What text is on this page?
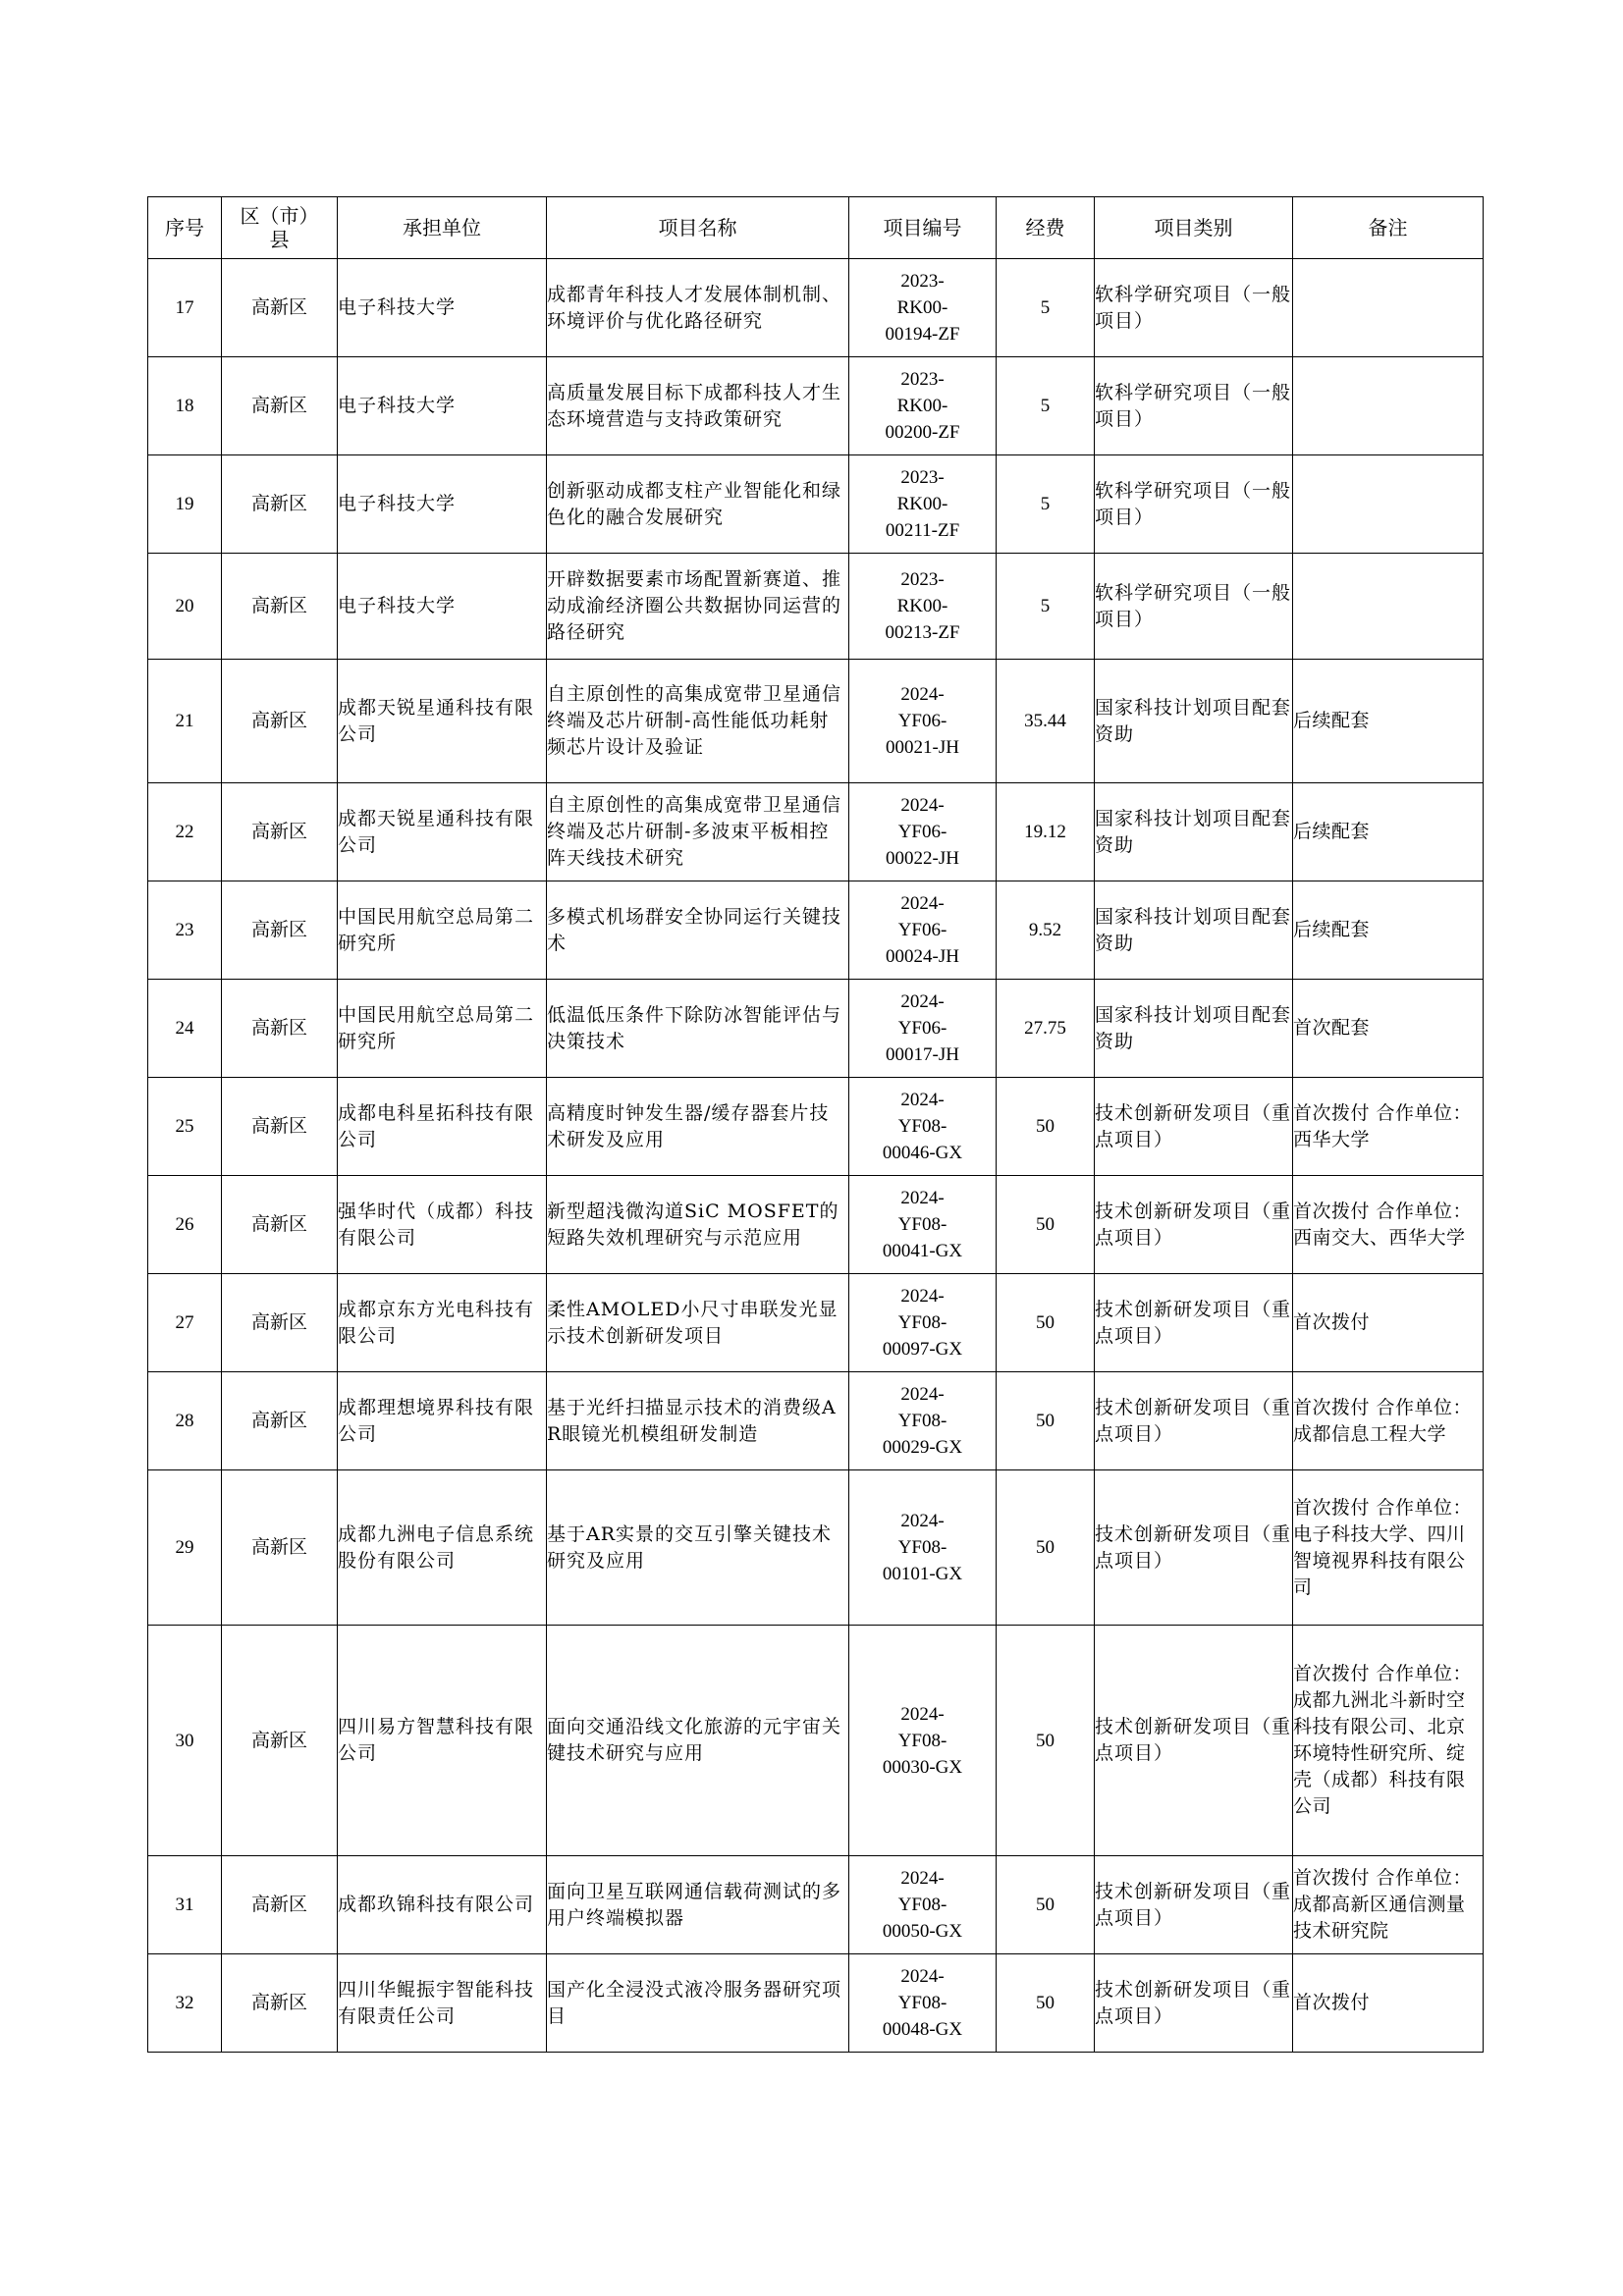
序号	区（市）县	承担单位	项目名称	项目编号	经费	项目类别	备注
17	高新区	电子科技大学	成都青年科技人才发展体制机制、环境评价与优化路径研究	2023-RK00-00194-ZF	5	软科学研究项目（一般项目）	
18	高新区	电子科技大学	高质量发展目标下成都科技人才生态环境营造与支持政策研究	2023-RK00-00200-ZF	5	软科学研究项目（一般项目）	
19	高新区	电子科技大学	创新驱动成都支柱产业智能化和绿色化的融合发展研究	2023-RK00-00211-ZF	5	软科学研究项目（一般项目）	
20	高新区	电子科技大学	开辟数据要素市场配置新赛道、推动成渝经济圈公共数据协同运营的路径研究	2023-RK00-00213-ZF	5	软科学研究项目（一般项目）	
21	高新区	成都天锐星通科技有限公司	自主原创性的高集成宽带卫星通信终端及芯片研制-高性能低功耗射频芯片设计及验证	2024-YF06-00021-JH	35.44	国家科技计划项目配套资助	后续配套
22	高新区	成都天锐星通科技有限公司	自主原创性的高集成宽带卫星通信终端及芯片研制-多波束平板相控阵天线技术研究	2024-YF06-00022-JH	19.12	国家科技计划项目配套资助	后续配套
23	高新区	中国民用航空总局第二研究所	多模式机场群安全协同运行关键技术	2024-YF06-00024-JH	9.52	国家科技计划项目配套资助	后续配套
24	高新区	中国民用航空总局第二研究所	低温低压条件下除防冰智能评估与决策技术	2024-YF06-00017-JH	27.75	国家科技计划项目配套资助	首次配套
25	高新区	成都电科星拓科技有限公司	高精度时钟发生器/缓存器套片技术研发及应用	2024-YF08-00046-GX	50	技术创新研发项目（重点项目）	首次拨付 合作单位：西华大学
26	高新区	强华时代（成都）科技有限公司	新型超浅微沟道SiC MOSFET的短路失效机理研究与示范应用	2024-YF08-00041-GX	50	技术创新研发项目（重点项目）	首次拨付 合作单位：西南交大、西华大学
27	高新区	成都京东方光电科技有限公司	柔性AMOLED小尺寸串联发光显示技术创新研发项目	2024-YF08-00097-GX	50	技术创新研发项目（重点项目）	首次拨付
28	高新区	成都理想境界科技有限公司	基于光纤扫描显示技术的消费级AR眼镜光机模组研发制造	2024-YF08-00029-GX	50	技术创新研发项目（重点项目）	首次拨付 合作单位：成都信息工程大学
29	高新区	成都九洲电子信息系统股份有限公司	基于AR实景的交互引擎关键技术研究及应用	2024-YF08-00101-GX	50	技术创新研发项目（重点项目）	首次拨付 合作单位：电子科技大学、四川智境视界科技有限公司
30	高新区	四川易方智慧科技有限公司	面向交通沿线文化旅游的元宇宙关键技术研究与应用	2024-YF08-00030-GX	50	技术创新研发项目（重点项目）	首次拨付 合作单位：成都九洲北斗新时空科技有限公司、北京环境特性研究所、绽壳（成都）科技有限公司
31	高新区	成都玖锦科技有限公司	面向卫星互联网通信载荷测试的多用户终端模拟器	2024-YF08-00050-GX	50	技术创新研发项目（重点项目）	首次拨付 合作单位：成都高新区通信测量技术研究院
32	高新区	四川华鲲振宇智能科技有限责任公司	国产化全浸没式液冷服务器研究项目	2024-YF08-00048-GX	50	技术创新研发项目（重点项目）	首次拨付
